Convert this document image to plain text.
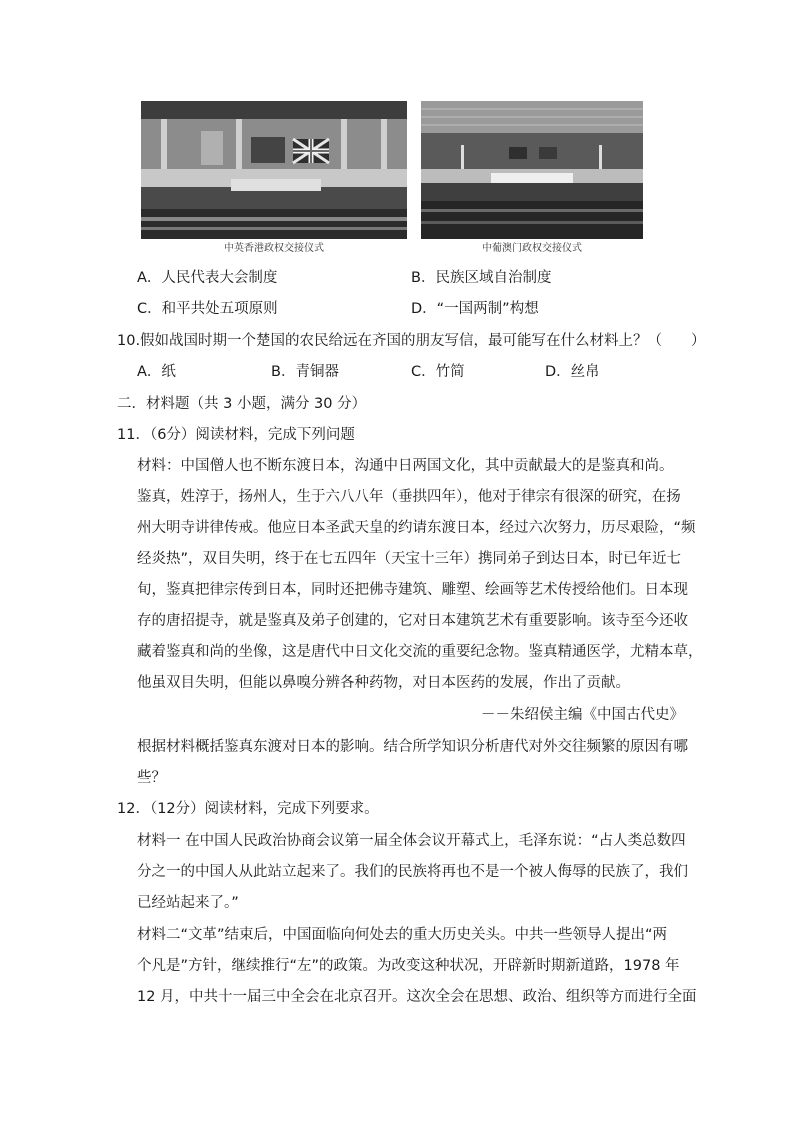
中英香港政权交接仪式	中葡澳门政权交接仪式
A．人民代表大会制度	B．民族区域自治制度
C．和平共处五项原则	D．“一国两制”构想
10.假如战国时期一个楚国的农民给远在齐国的朋友写信，最可能写在什么材料上？（　　）
A．纸	B．青铜器	C．竹简	D．丝帛
二．材料题（共 3 小题，满分 30 分）
11．（6分）阅读材料，完成下列问题
材料：中国僧人也不断东渡日本，沟通中日两国文化，其中贡献最大的是鉴真和尚。
鉴真，姓淳于，扬州人，生于六八八年（垂拱四年），他对于律宗有很深的研究，在扬
州大明寺讲律传戒。他应日本圣武天皇的约请东渡日本，经过六次努力，历尽艰险，“频
经炎热”，双目失明，终于在七五四年（天宝十三年）携同弟子到达日本，时已年近七
旬，鉴真把律宗传到日本，同时还把佛寺建筑、雕塑、绘画等艺术传授给他们。日本现
存的唐招提寺，就是鉴真及弟子创建的，它对日本建筑艺术有重要影响。该寺至今还收
藏着鉴真和尚的坐像，这是唐代中日文化交流的重要纪念物。鉴真精通医学，尤精本草，
他虽双目失明，但能以鼻嗅分辨各种药物，对日本医药的发展，作出了贡献。
－－朱绍侯主编《中国古代史》
根据材料概括鉴真东渡对日本的影响。结合所学知识分析唐代对外交往频繁的原因有哪
些？
12．（12分）阅读材料，完成下列要求。
材料一 在中国人民政治协商会议第一届全体会议开幕式上，毛泽东说：“占人类总数四
分之一的中国人从此站立起来了。我们的民族将再也不是一个被人侮辱的民族了，我们
已经站起来了。”
材料二“文革”结束后，中国面临向何处去的重大历史关头。中共一些领导人提出“两
个凡是”方针，继续推行“左”的政策。为改变这种状况，开辟新时期新道路，1978 年
12 月，中共十一届三中全会在北京召开。这次全会在思想、政治、组织等方而进行全面
